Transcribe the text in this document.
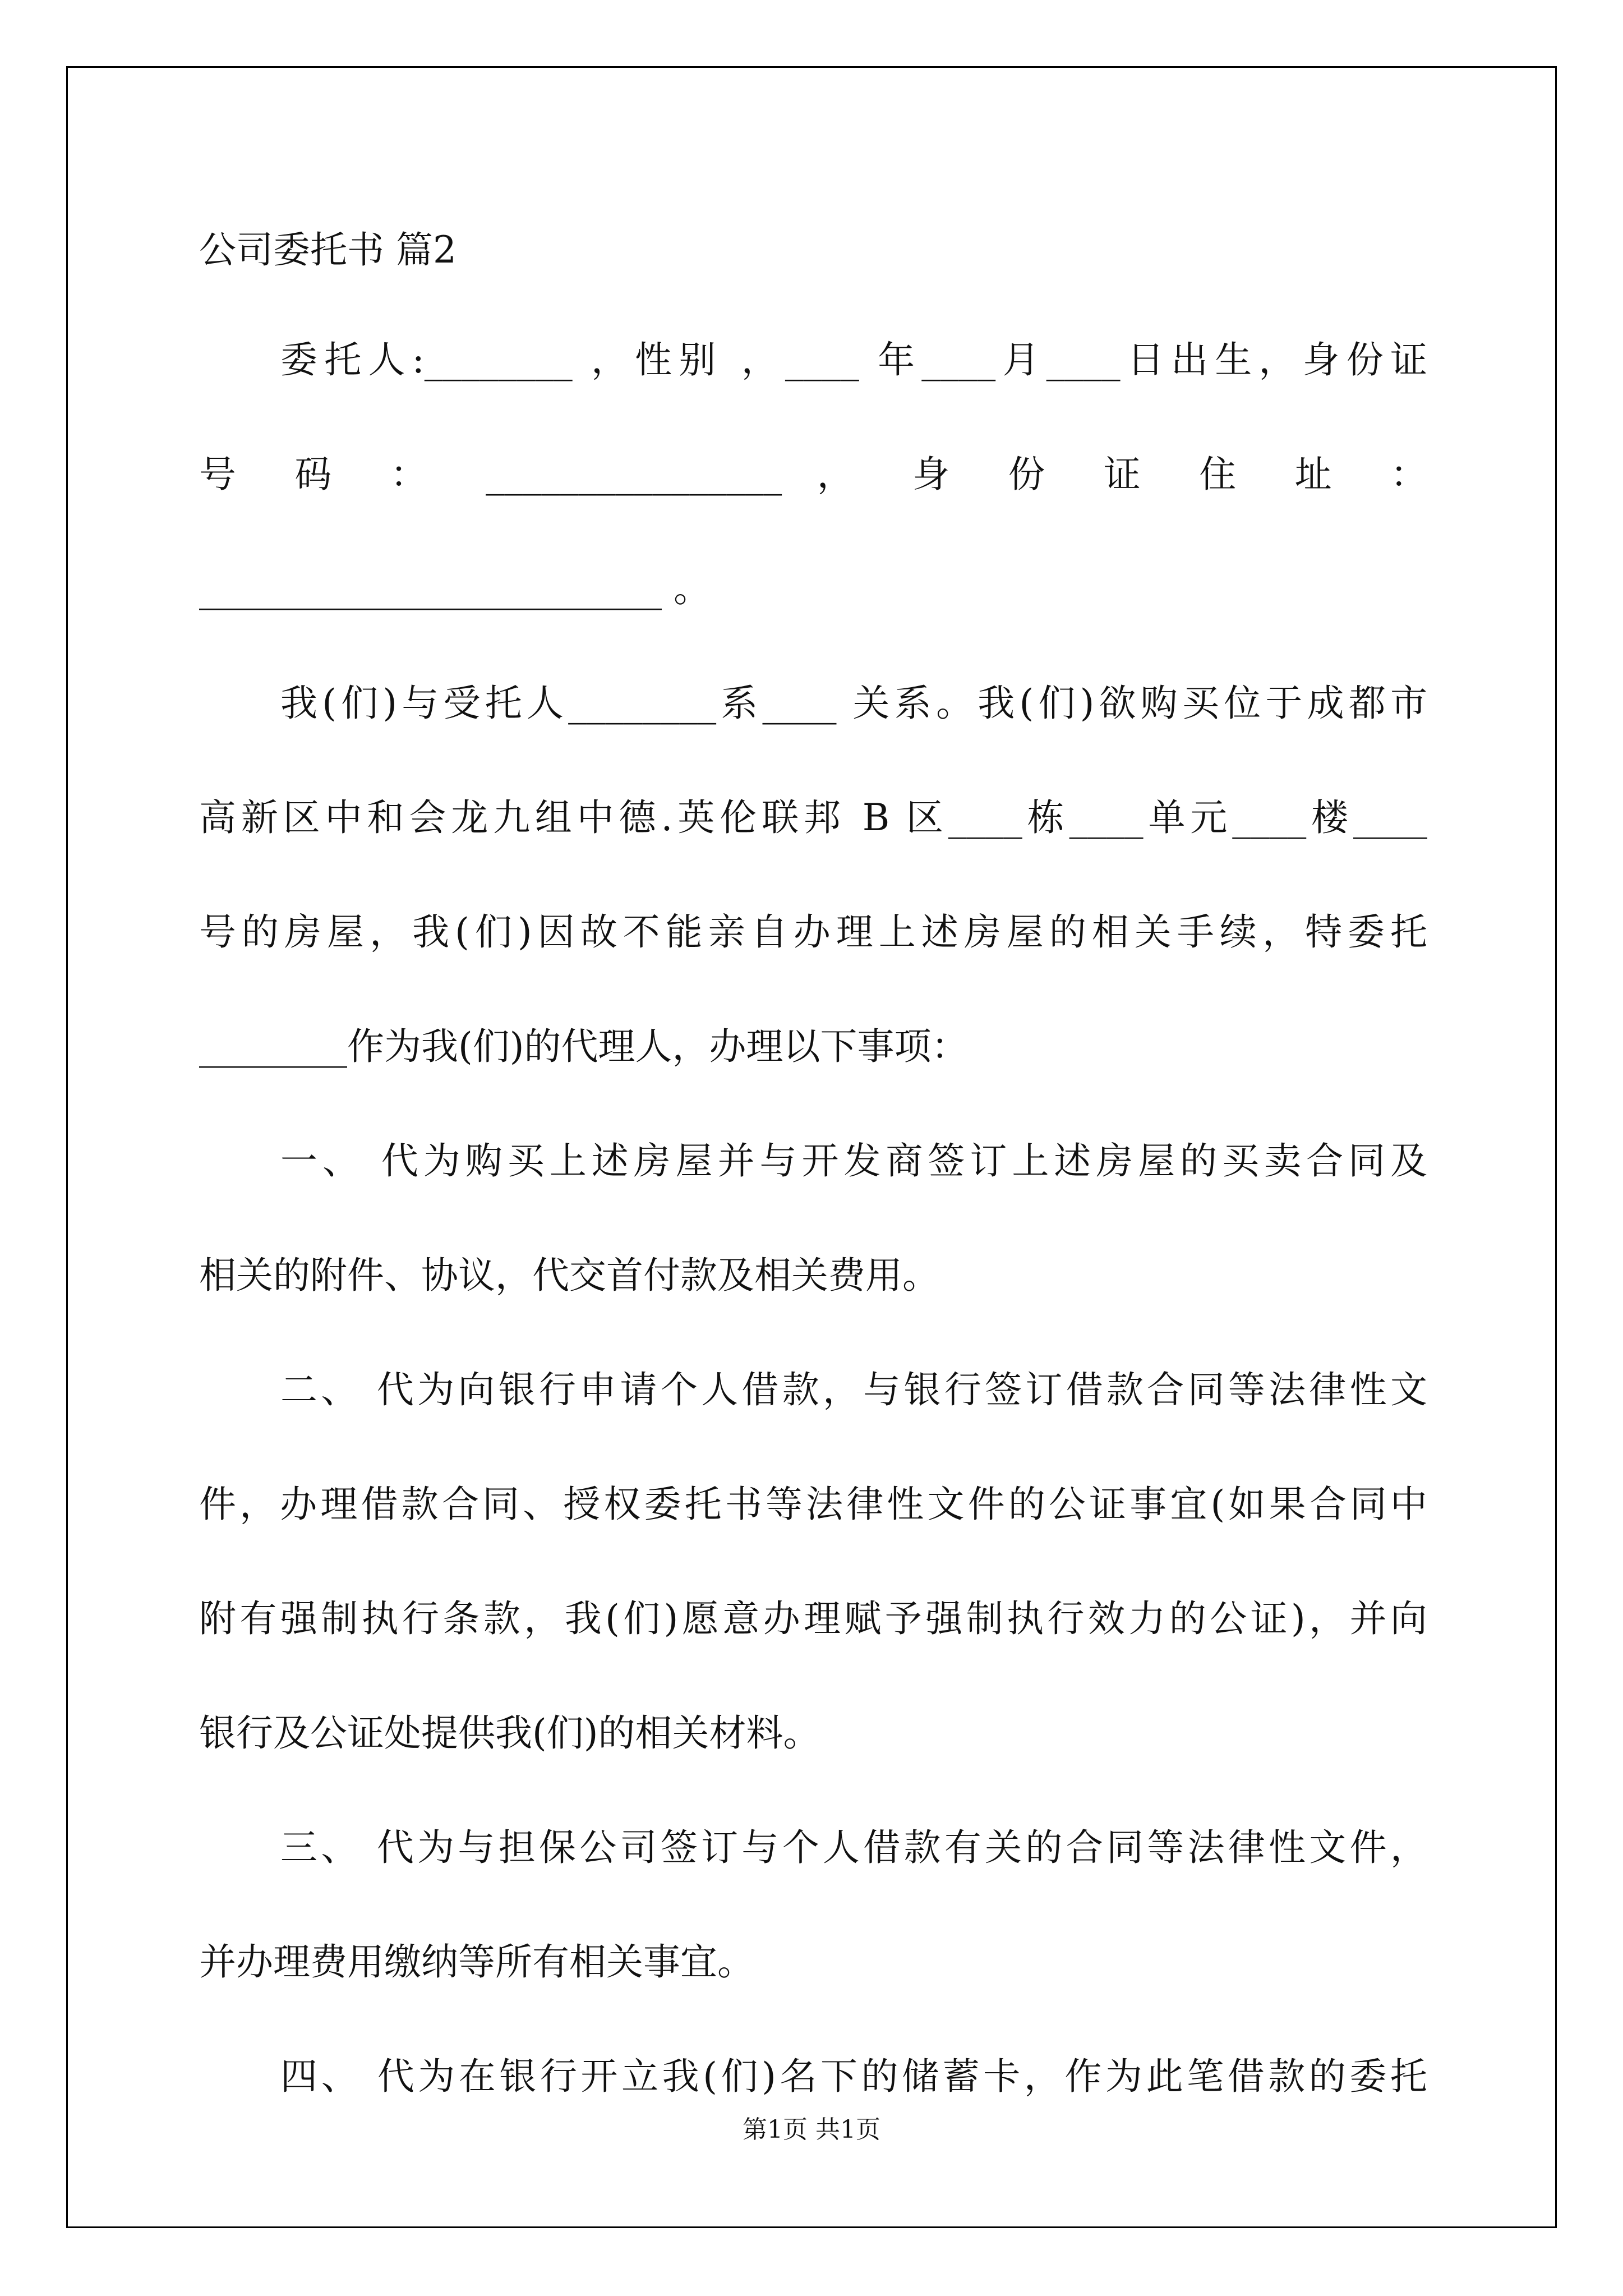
公司委托书 篇2
委托人:________ ，性别 ，____ 年____月____日出生，身份证
号 码 ： ________________ ， 身 份 证 住 址 ：
_________________________ 。
我(们)与受托人________系____ 关系。我(们)欲购买位于成都市
高新区中和会龙九组中德.英伦联邦 B 区____栋____单元____楼____
号的房屋，我(们)因故不能亲自办理上述房屋的相关手续，特委托
________作为我(们)的代理人，办理以下事项：
一、 代为购买上述房屋并与开发商签订上述房屋的买卖合同及
相关的附件、协议，代交首付款及相关费用。
二、 代为向银行申请个人借款，与银行签订借款合同等法律性文
件，办理借款合同、授权委托书等法律性文件的公证事宜(如果合同中
附有强制执行条款，我(们)愿意办理赋予强制执行效力的公证)，并向
银行及公证处提供我(们)的相关材料。
三、 代为与担保公司签订与个人借款有关的合同等法律性文件，
并办理费用缴纳等所有相关事宜。
四、 代为在银行开立我(们)名下的储蓄卡，作为此笔借款的委托
第1页 共1页
